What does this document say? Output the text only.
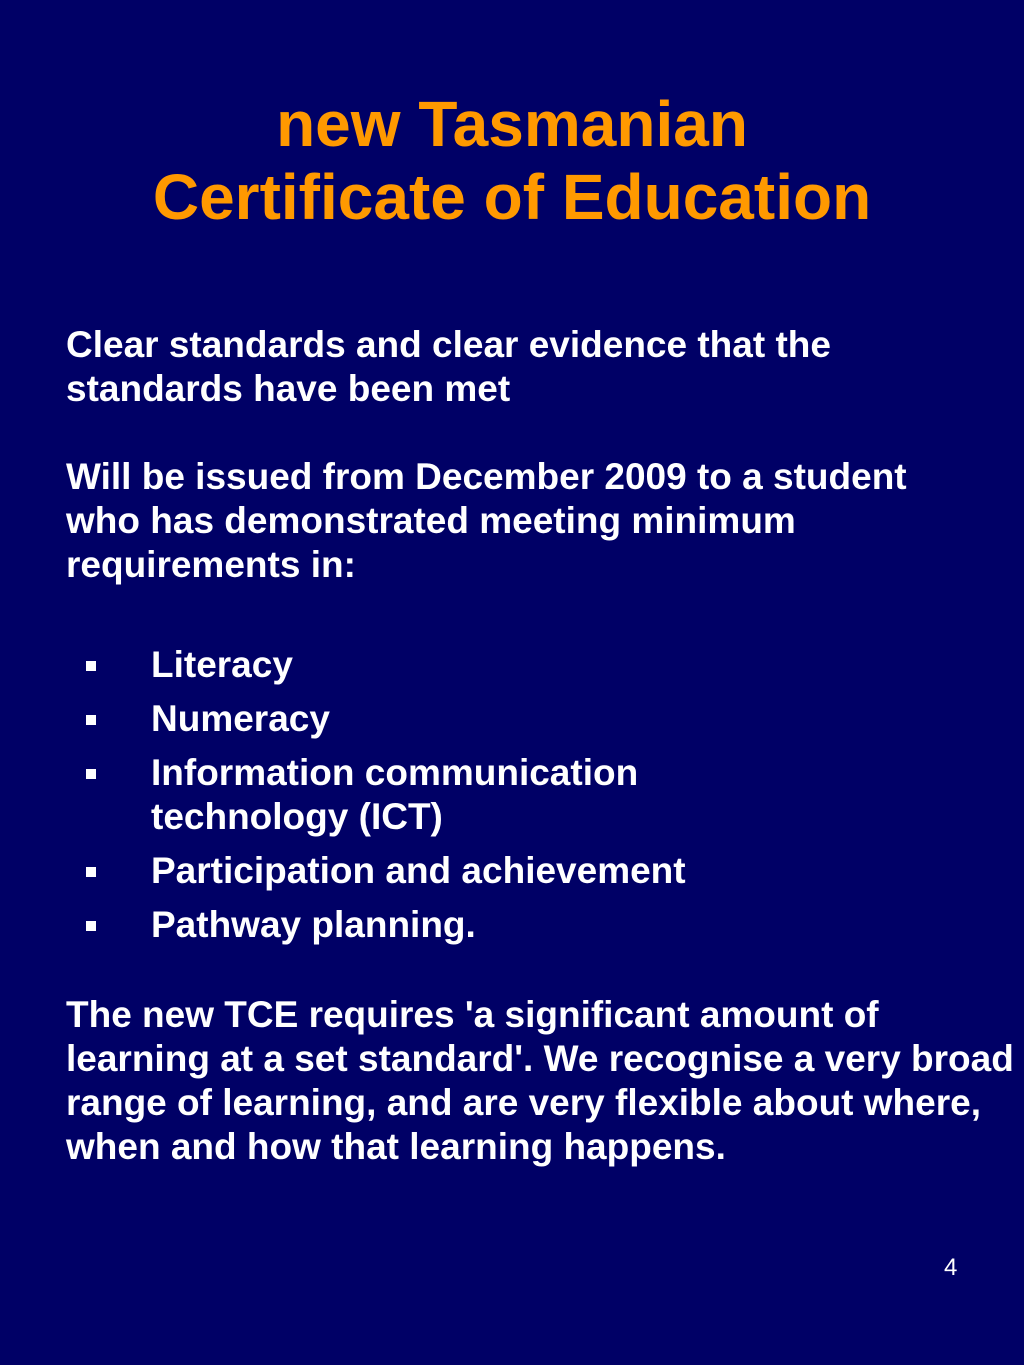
new Tasmanian
Certificate of Education

Clear standards and clear evidence that the standards have been met

Will be issued from December 2009 to a student who has demonstrated meeting minimum requirements in:

Literacy
Numeracy
Information communication technology (ICT)
Participation and achievement
Pathway planning.

The new TCE requires 'a significant amount of learning at a set standard'. We recognise a very broad range of learning, and are very flexible about where, when and how that learning happens.

4
